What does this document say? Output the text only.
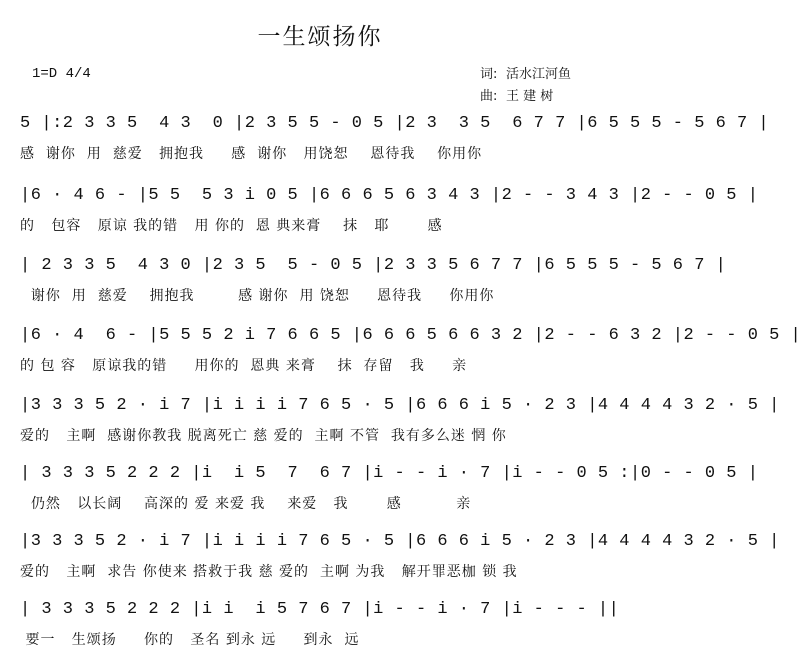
一生颂扬你
1=D 4/4	词: 活水江河鱼
曲: 王 建 树
5 |:2 3 3 5  4 3  0 |2 3 5 5 - 0 5 |2 3  3 5  6 7 7 |6 5 5 5 - 5 6 7 |
感  谢你  用  慈爱   拥抱我     感  谢你   用饶恕    恩待我    你用你
|6 · 4 6 - |5 5  5 3 i 0 5 |6 6 6 5 6 3 4 3 |2 - - 3 4 3 |2 - - 0 5 |
的   包容   原谅 我的错   用 你的  恩 典来膏    抹   耶       感
| 2 3 3 5  4 3 0 |2 3 5  5 - 0 5 |2 3 3 5 6 7 7 |6 5 5 5 - 5 6 7 |
谢你  用  慈爱    拥抱我        感 谢你  用 饶恕     恩待我     你用你
|6 · 4  6 - |5 5 5 2 i 7 6 6 5 |6 6 6 5 6 6 3 2 |2 - - 6 3 2 |2 - - 0 5 |
的 包 容   原谅我的错     用你的  恩典 来膏    抹  存留   我     亲
|3 3 3 5 2 · i 7 |i i i i 7 6 5 · 5 |6 6 6 i 5 · 2 3 |4 4 4 4 3 2 · 5 |
爱的   主啊  感谢你教我 脱离死亡 慈 爱的  主啊 不管  我有多么迷 惘 你
| 3 3 3 5 2 2 2 |i  i 5  7  6 7 |i - - i · 7 |i - - 0 5 :|0 - - 0 5 |
仍然   以长阔    高深的 爱 来爱 我    来爱   我       感          亲
|3 3 3 5 2 · i 7 |i i i i 7 6 5 · 5 |6 6 6 i 5 · 2 3 |4 4 4 4 3 2 · 5 |
爱的   主啊  求告 你使来 搭救于我 慈 爱的  主啊 为我   解开罪恶枷 锁 我
| 3 3 3 5 2 2 2 |i i  i 5 7 6 7 |i - - i · 7 |i - - - ||
要一   生颂扬     你的   圣名 到永 远     到永  远
